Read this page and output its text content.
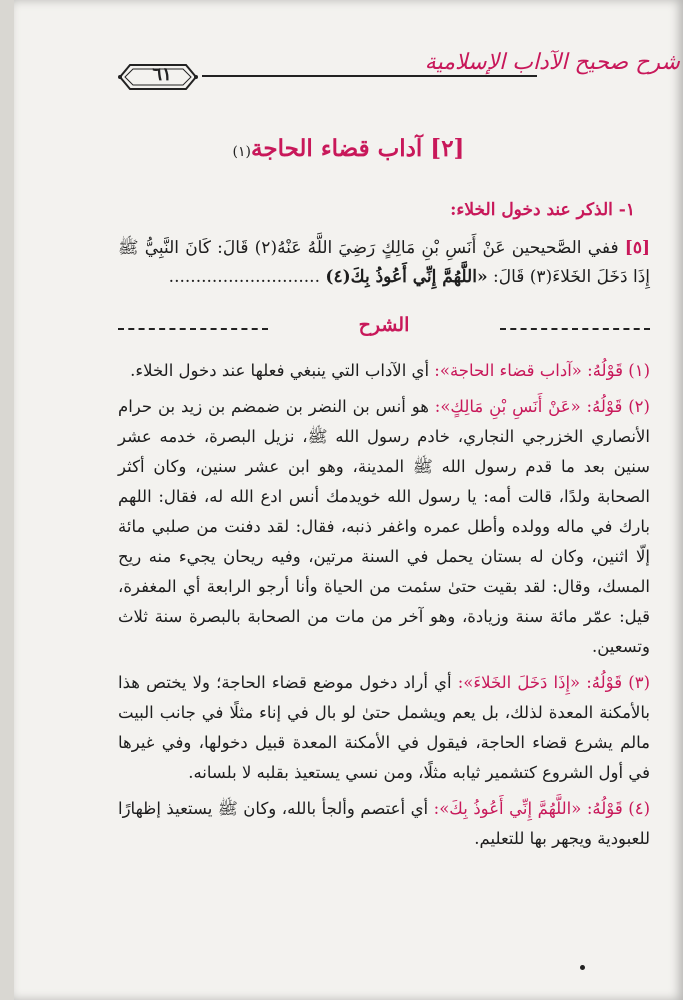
شرح صحيح الآداب الإسلامية
٦١
[٢] آداب قضاء الحاجة(١)
١- الذكر عند دخول الخلاء:
[٥] ففي الصَّحيحين عَنْ أَنَسِ بْنِ مَالِكٍ رَضِيَ اللَّهُ عَنْهُ(٢) قَالَ: كَانَ النَّبِيُّ ﷺ إِذَا دَخَلَ الخَلاءَ(٣) قَالَ: «اللَّهُمَّ إِنِّي أَعُوذُ بِكَ(٤) ............................
الشرح

(١) قَوْلُهُ: «آداب قضاء الحاجة»: أي الآداب التي ينبغي فعلها عند دخول الخلاء.

(٢) قَوْلُهُ: «عَنْ أَنَسِ بْنِ مَالِكٍ»: هو أنس بن النضر بن ضمضم بن زيد بن حرام الأنصاري الخزرجي النجاري، خادم رسول الله ﷺ، نزيل البصرة، خدمه عشر سنين بعد ما قدم رسول الله ﷺ المدينة، وهو ابن عشر سنين، وكان أكثر الصحابة ولدًا، قالت أمه: يا رسول الله خويدمك أنس ادع الله له، فقال: اللهم بارك في ماله وولده وأطل عمره واغفر ذنبه، فقال: لقد دفنت من صلبي مائة إلّا اثنين، وكان له بستان يحمل في السنة مرتين، وفيه ريحان يجيء منه ريح المسك، وقال: لقد بقيت حتىٰ سئمت من الحياة وأنا أرجو الرابعة أي المغفرة، قيل: عمّر مائة سنة وزيادة، وهو آخر من مات من الصحابة بالبصرة سنة ثلاث وتسعين.

(٣) قَوْلُهُ: «إِذَا دَخَلَ الخَلاءَ»: أي أراد دخول موضع قضاء الحاجة؛ ولا يختص هذا بالأمكنة المعدة لذلك، بل يعم ويشمل حتىٰ لو بال في إناء مثلًا في جانب البيت مالم يشرع قضاء الحاجة، فيقول في الأمكنة المعدة قبيل دخولها، وفي غيرها في أول الشروع كتشمير ثيابه مثلًا، ومن نسي يستعيذ بقلبه لا بلسانه.

(٤) قَوْلُهُ: «اللَّهُمَّ إِنِّي أَعُوذُ بِكَ»: أي أعتصم وألجأ بالله، وكان ﷺ يستعيذ إظهارًا للعبودية ويجهر بها للتعليم.
